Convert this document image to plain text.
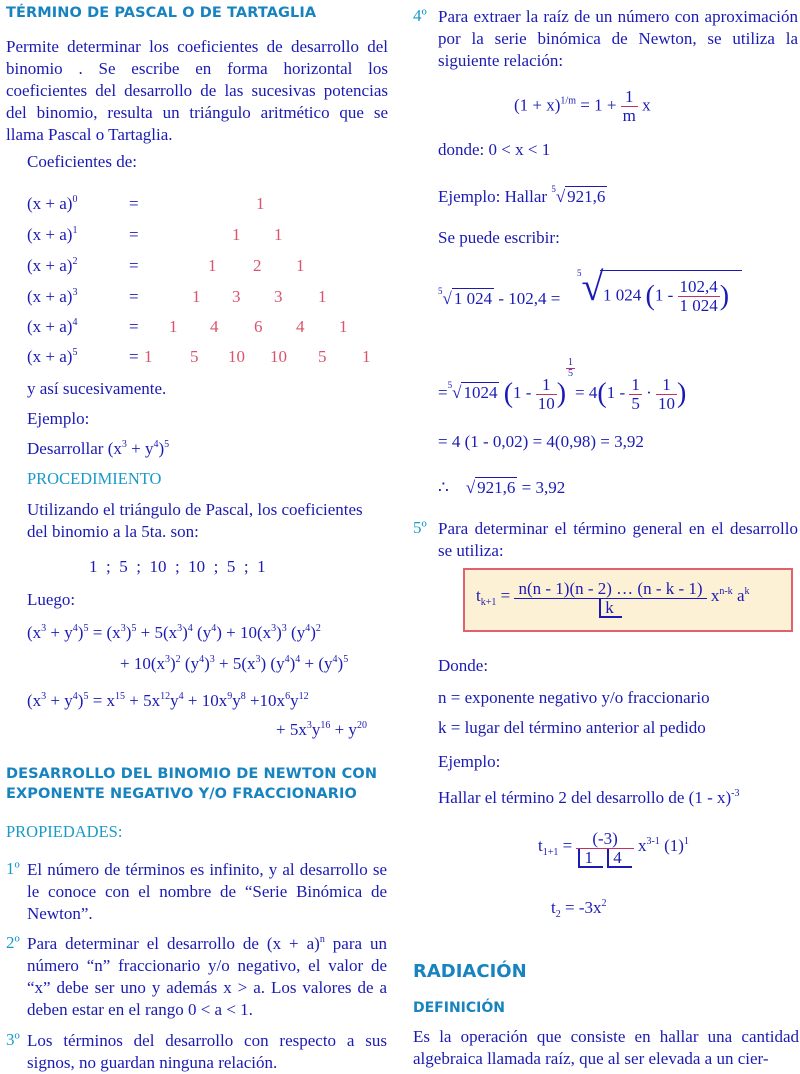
TÉRMINO DE PASCAL O DE TARTAGLIA
Permite determinar los coeficientes de desarrollo del binomio . Se escribe en forma horizontal los coeficientes del desarrollo de las sucesivas potencias del binomio, resulta un triángulo aritmético que se llama Pascal o Tartaglia.
Coeficientes de:
$(x + a)^0$	=	1
$(x + a)^1$	=	1 1
$(x + a)^2$	=	1 2 1
$(x + a)^3$	=	1 3 3 1
$(x + a)^4$	= 1 4 6 4 1
$(x + a)^5$	= 1 5 10 10 5 1
y así sucesivamente.
Ejemplo:
Desarrollar $(x^3 + y^4)^5$
PROCEDIMIENTO
Utilizando el triángulo de Pascal, los coeficientes del binomio a la 5ta. son:
1  ;  5  ;  10  ;  10  ;  5  ;  1
Luego:
$(x^3 + y^4)^5 = (x^3)^5 + 5(x^3)^4$ $(y^4) + 10(x^3)^3$ $(y^4)^2$
+ $10(x^3)^2$ $(y^4)^3 + 5(x^3) (y^4)^4 + (y^4)^5$
$(x^3 + y^4)^5 = x^{15} + 5x^{12}y^4 + 10x^9y^8 +10x^6y^{12}$
+ $5x^3y^{16} + y^{20}$
DESARROLLO DEL BINOMIO DE NEWTON CON
EXPONENTE NEGATIVO Y/O FRACCIONARIO
PROPIEDADES:
1º El número de términos es infinito, y al desarrollo se le conoce con el nombre de “Serie Binómica de Newton”.
2º Para determinar el desarrollo de $(x + a)^n$ para un número “n” fraccionario y/o negativo, el valor de “x” debe ser uno y además x > a. Los valores de a deben estar en el rango 0 < a < 1.
3º Los términos del desarrollo con respecto a sus signos, no guardan ninguna relación.
4º Para extraer la raíz de un número con aproximación por la serie binómica de Newton, se utiliza la siguiente relación:
$(1 + x)^{1/m} = 1 + \frac{1}{m}$ x
donde: 0 < x < 1
Ejemplo: Hallar $^5$√ 921,6
Se puede escribir:
$^5$√ 1 024 - 102,4 =
$^5$√ 1 024 ($1 - \frac{102,4}{1 024}$ )
=$^5$√ 1024 ($1 - \frac{1}{10}$ )
$\frac{1}{5}$
= $4(1 - \frac{1}{5} \cdot \frac{1}{10}$ )
= 4 (1 - 0,02) = 4(0,98) = 3,92
∴    √ 921,6 = 3,92
5º Para determinar el término general en el desarrollo se utiliza:
$t_{k+1} = \frac{n(n - 1)(n - 2) \dots (n - k - 1)}{k} x^{n-k}$ $a^k$
Donde:
n = exponente negativo y/o fraccionario
k = lugar del término anterior al pedido
Ejemplo:
Hallar el término 2 del desarrollo de (1 - x)$^{-3}$
$t_{1+1} = \frac{(-3)}{1 4} x^{3-1}$ $(1)^1$
$t_2 = -3x^2$
RADIACIÓN
DEFINICIÓN
Es la operación que consiste en hallar una cantidad algebraica llamada raíz, que al ser elevada a un cier-
